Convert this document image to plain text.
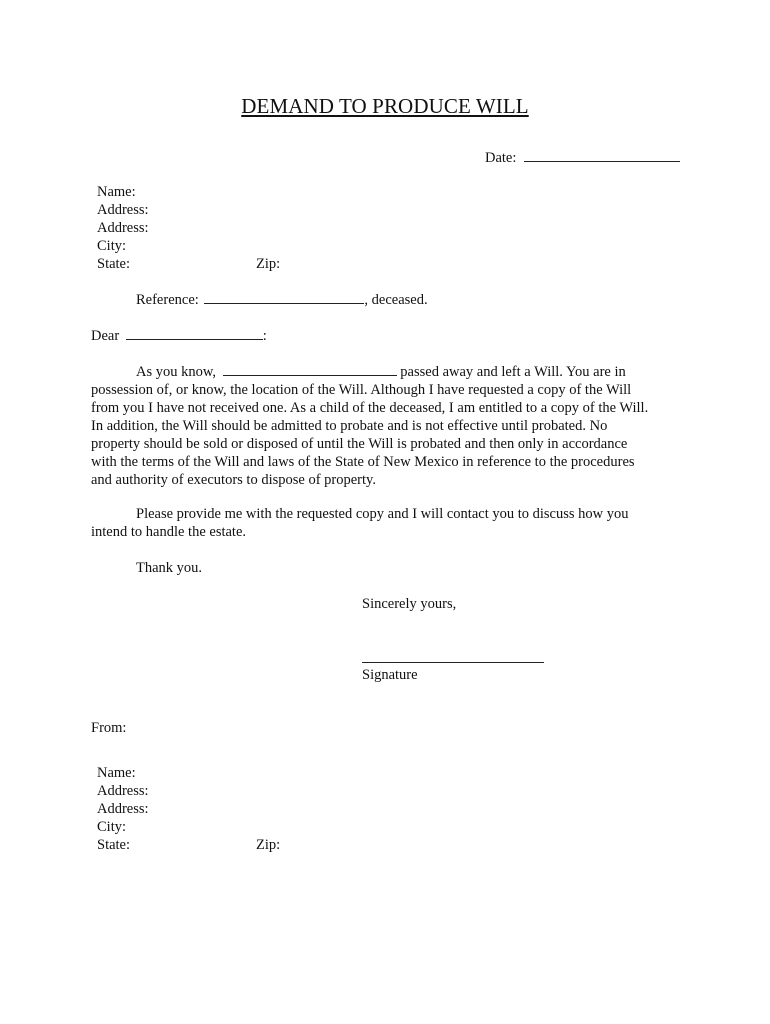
DEMAND TO PRODUCE WILL
Date:
Name:
Address:
Address:
City:
State:	Zip:
Reference:	, deceased.
Dear	:

As you know,	passed away and left a Will. You are in

possession of, or know, the location of the Will. Although I have requested a copy of the Will

from you I have not received one. As a child of the deceased, I am entitled to a copy of the Will.

In addition, the Will should be admitted to probate and is not effective until probated. No

property should be sold or disposed of until the Will is probated and then only in accordance

with the terms of the Will and laws of the State of New Mexico in reference to the procedures

and authority of executors to dispose of property.

Please provide me with the requested copy and I will contact you to discuss how you

intend to handle the estate.

Thank you.
Sincerely yours,
Signature
From:
Name:
Address:
Address:
City:
State:	Zip:
